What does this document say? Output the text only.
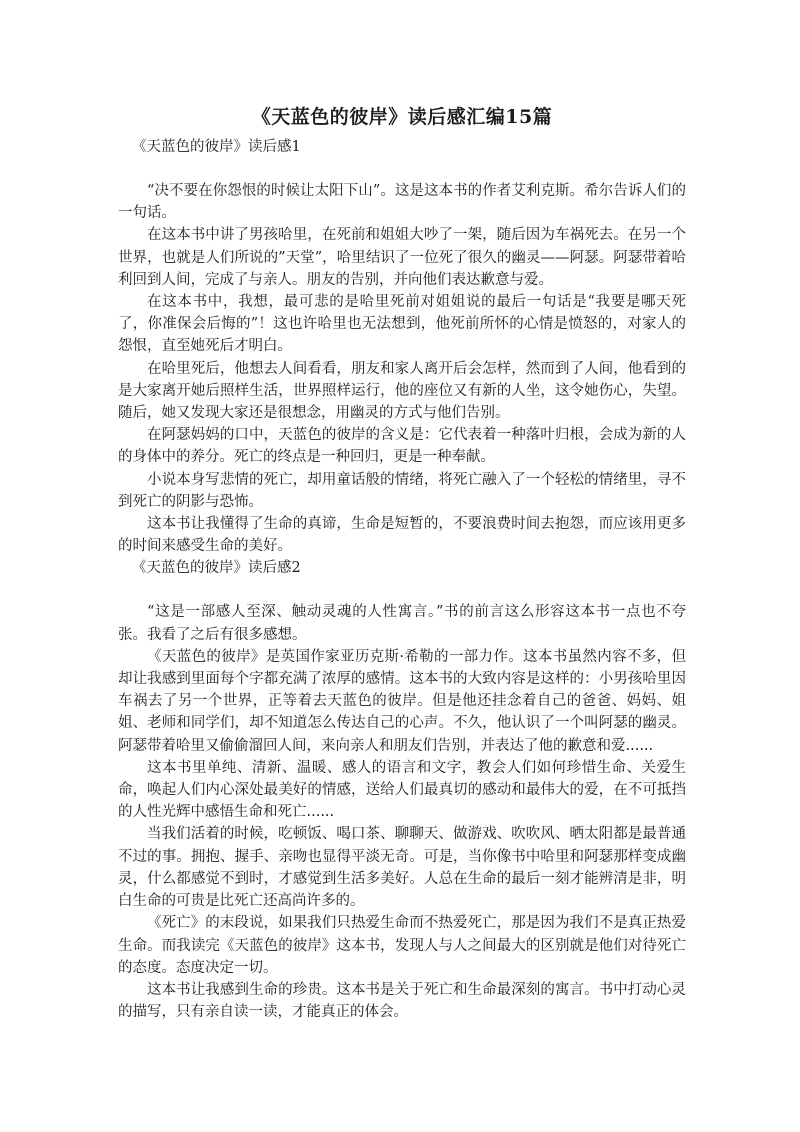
《天蓝色的彼岸》读后感汇编15篇

《天蓝色的彼岸》读后感1

“决不要在你怨恨的时候让太阳下山”。这是这本书的作者艾利克斯。希尔告诉人们的一句话。

在这本书中讲了男孩哈里，在死前和姐姐大吵了一架，随后因为车祸死去。在另一个世界，也就是人们所说的”天堂”，哈里结识了一位死了很久的幽灵——阿瑟。阿瑟带着哈利回到人间，完成了与亲人。朋友的告别，并向他们表达歉意与爱。

在这本书中，我想，最可悲的是哈里死前对姐姐说的最后一句话是“我要是哪天死了，你准保会后悔的”！这也许哈里也无法想到，他死前所怀的心情是愤怒的，对家人的怨恨，直至她死后才明白。

在哈里死后，他想去人间看看，朋友和家人离开后会怎样，然而到了人间，他看到的是大家离开她后照样生活，世界照样运行，他的座位又有新的人坐，这令她伤心，失望。随后，她又发现大家还是很想念，用幽灵的方式与他们告别。

在阿瑟妈妈的口中，天蓝色的彼岸的含义是：它代表着一种落叶归根，会成为新的人的身体中的养分。死亡的终点是一种回归，更是一种奉献。

小说本身写悲情的死亡，却用童话般的情绪，将死亡融入了一个轻松的情绪里，寻不到死亡的阴影与恐怖。

这本书让我懂得了生命的真谛，生命是短暂的，不要浪费时间去抱怨，而应该用更多的时间来感受生命的美好。

《天蓝色的彼岸》读后感2

“这是一部感人至深、触动灵魂的人性寓言。”书的前言这么形容这本书一点也不夸张。我看了之后有很多感想。

《天蓝色的彼岸》是英国作家亚历克斯·希勒的一部力作。这本书虽然内容不多，但却让我感到里面每个字都充满了浓厚的感情。这本书的大致内容是这样的：小男孩哈里因车祸去了另一个世界，正等着去天蓝色的彼岸。但是他还挂念着自己的爸爸、妈妈、姐姐、老师和同学们，却不知道怎么传达自己的心声。不久，他认识了一个叫阿瑟的幽灵。阿瑟带着哈里又偷偷溜回人间，来向亲人和朋友们告别，并表达了他的歉意和爱......

这本书里单纯、清新、温暖、感人的语言和文字，教会人们如何珍惜生命、关爱生命，唤起人们内心深处最美好的情感，送给人们最真切的感动和最伟大的爱，在不可抵挡的人性光辉中感悟生命和死亡......

当我们活着的时候，吃顿饭、喝口茶、聊聊天、做游戏、吹吹风、晒太阳都是最普通不过的事。拥抱、握手、亲吻也显得平淡无奇。可是，当你像书中哈里和阿瑟那样变成幽灵，什么都感觉不到时，才感觉到生活多美好。人总在生命的最后一刻才能辨清是非，明白生命的可贵是比死亡还高尚许多的。

《死亡》的末段说，如果我们只热爱生命而不热爱死亡，那是因为我们不是真正热爱生命。而我读完《天蓝色的彼岸》这本书，发现人与人之间最大的区别就是他们对待死亡的态度。态度决定一切。

这本书让我感到生命的珍贵。这本书是关于死亡和生命最深刻的寓言。书中打动心灵的描写，只有亲自读一读，才能真正的体会。
